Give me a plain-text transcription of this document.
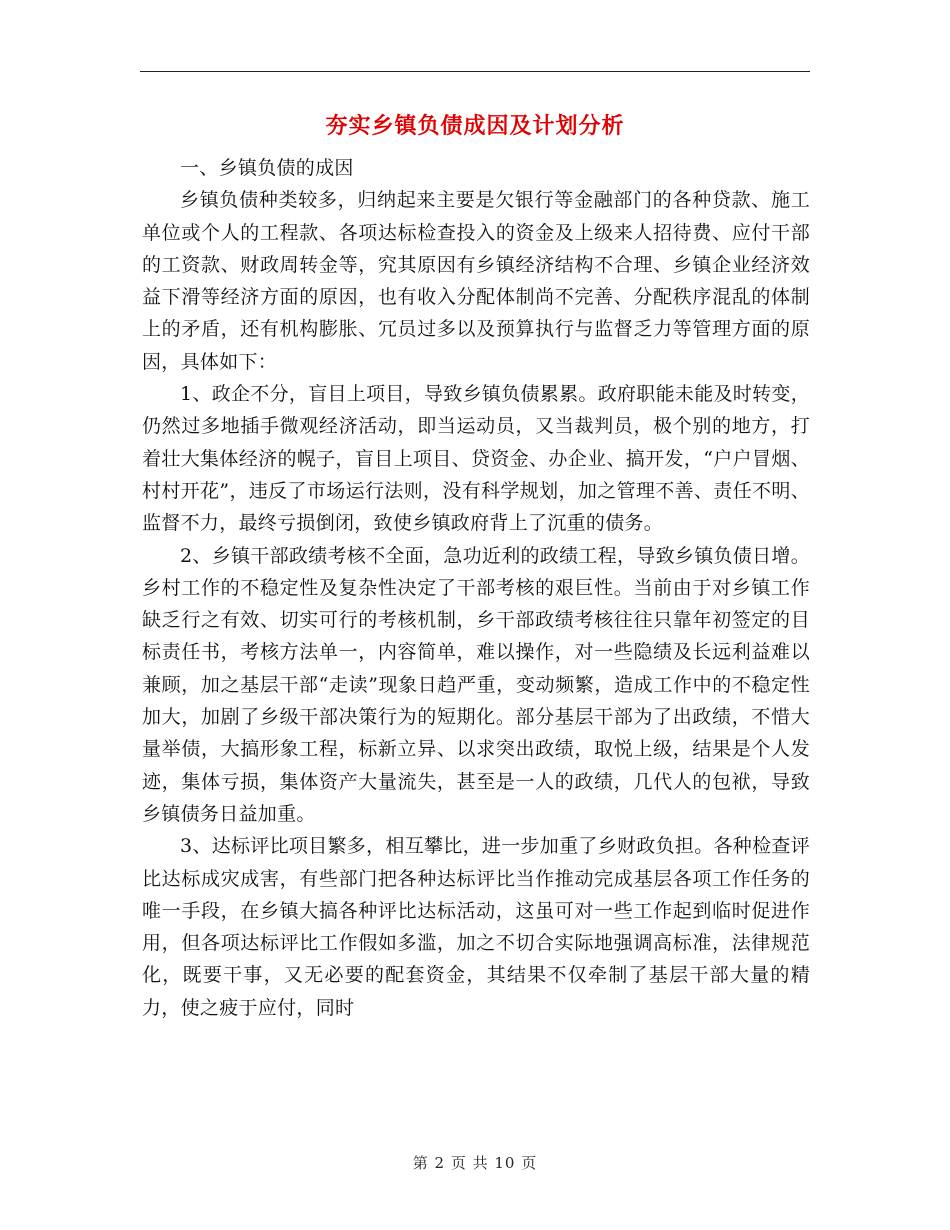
夯实乡镇负债成因及计划分析

一、乡镇负债的成因

乡镇负债种类较多，归纳起来主要是欠银行等金融部门的各种贷款、施工单位或个人的工程款、各项达标检查投入的资金及上级来人招待费、应付干部的工资款、财政周转金等，究其原因有乡镇经济结构不合理、乡镇企业经济效益下滑等经济方面的原因，也有收入分配体制尚不完善、分配秩序混乱的体制上的矛盾，还有机构膨胀、冗员过多以及预算执行与监督乏力等管理方面的原因，具体如下：

1、政企不分，盲目上项目，导致乡镇负债累累。政府职能未能及时转变，仍然过多地插手微观经济活动，即当运动员，又当裁判员，极个别的地方，打着壮大集体经济的幌子，盲目上项目、贷资金、办企业、搞开发，“户户冒烟、村村开花”，违反了市场运行法则，没有科学规划，加之管理不善、责任不明、监督不力，最终亏损倒闭，致使乡镇政府背上了沉重的债务。

2、乡镇干部政绩考核不全面，急功近利的政绩工程，导致乡镇负债日增。乡村工作的不稳定性及复杂性决定了干部考核的艰巨性。当前由于对乡镇工作缺乏行之有效、切实可行的考核机制，乡干部政绩考核往往只靠年初签定的目标责任书，考核方法单一，内容简单，难以操作，对一些隐绩及长远利益难以兼顾，加之基层干部“走读”现象日趋严重，变动频繁，造成工作中的不稳定性加大，加剧了乡级干部决策行为的短期化。部分基层干部为了出政绩，不惜大量举债，大搞形象工程，标新立异、以求突出政绩，取悦上级，结果是个人发迹，集体亏损，集体资产大量流失，甚至是一人的政绩，几代人的包袱，导致乡镇债务日益加重。

3、达标评比项目繁多，相互攀比，进一步加重了乡财政负担。各种检查评比达标成灾成害，有些部门把各种达标评比当作推动完成基层各项工作任务的唯一手段，在乡镇大搞各种评比达标活动，这虽可对一些工作起到临时促进作用，但各项达标评比工作假如多滥，加之不切合实际地强调高标准，法律规范化，既要干事，又无必要的配套资金，其结果不仅牵制了基层干部大量的精力，使之疲于应付，同时

第 2 页 共 10 页
